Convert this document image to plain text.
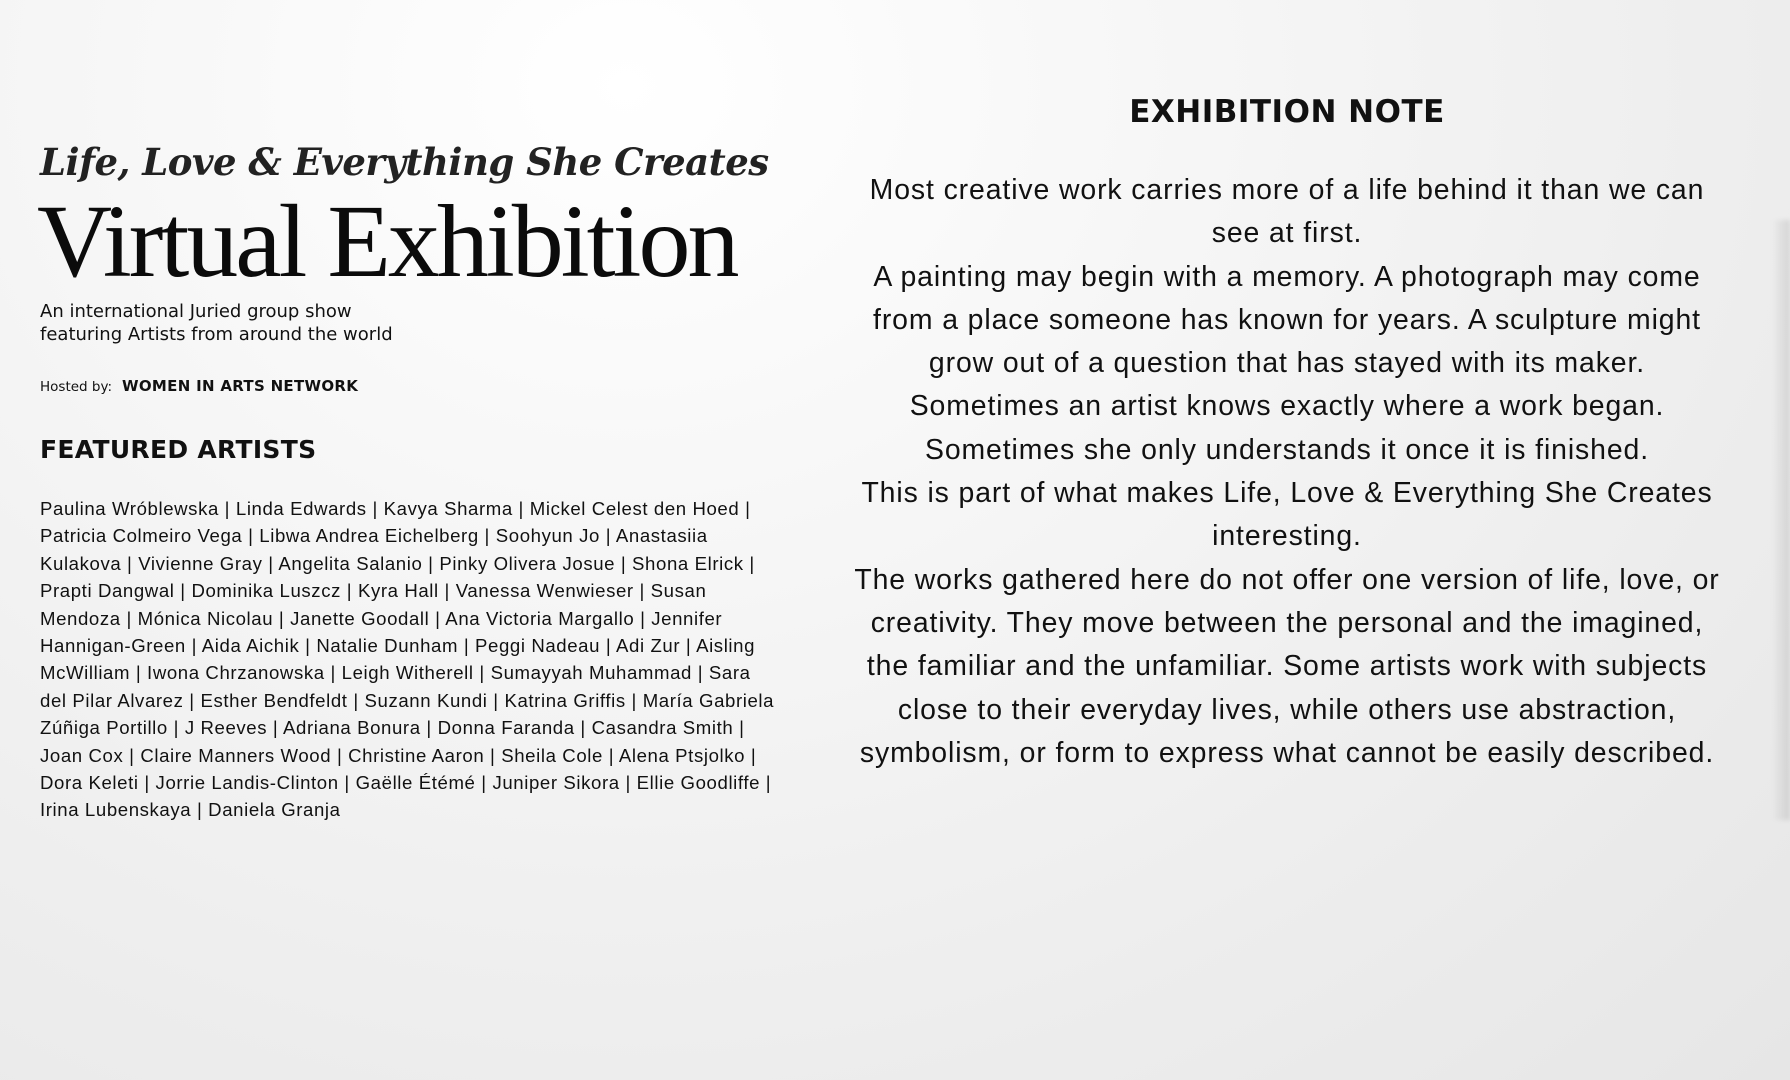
Life, Love & Everything She Creates
Virtual Exhibition
An international Juried group show
featuring Artists from around the world
Hosted by: WOMEN IN ARTS NETWORK
FEATURED ARTISTS
Paulina Wróblewska | Linda Edwards | Kavya Sharma | Mickel Celest den Hoed | Patricia Colmeiro Vega | Libwa Andrea Eichelberg | Soohyun Jo | Anastasiia Kulakova | Vivienne Gray | Angelita Salanio | Pinky Olivera Josue | Shona Elrick | Prapti Dangwal | Dominika Luszcz | Kyra Hall | Vanessa Wenwieser | Susan Mendoza | Mónica Nicolau | Janette Goodall | Ana Victoria Margallo | Jennifer Hannigan-Green | Aida Aichik | Natalie Dunham | Peggi Nadeau | Adi Zur | Aisling McWilliam | Iwona Chrzanowska | Leigh Witherell | Sumayyah Muhammad | Sara del Pilar Alvarez | Esther Bendfeldt | Suzann Kundi | Katrina Griffis | María Gabriela Zúñiga Portillo | J Reeves | Adriana Bonura | Donna Faranda | Casandra Smith | Joan Cox | Claire Manners Wood | Christine Aaron | Sheila Cole | Alena Ptsjolko | Dora Keleti | Jorrie Landis-Clinton | Gaëlle Étémé | Juniper Sikora | Ellie Goodliffe | Irina Lubenskaya | Daniela Granja
EXHIBITION NOTE

Most creative work carries more of a life behind it than we can see at first.

A painting may begin with a memory. A photograph may come from a place someone has known for years. A sculpture might grow out of a question that has stayed with its maker. Sometimes an artist knows exactly where a work began. Sometimes she only understands it once it is finished.

This is part of what makes Life, Love & Everything She Creates interesting.

The works gathered here do not offer one version of life, love, or creativity. They move between the personal and the imagined, the familiar and the unfamiliar. Some artists work with subjects close to their everyday lives, while others use abstraction, symbolism, or form to express what cannot be easily described.
